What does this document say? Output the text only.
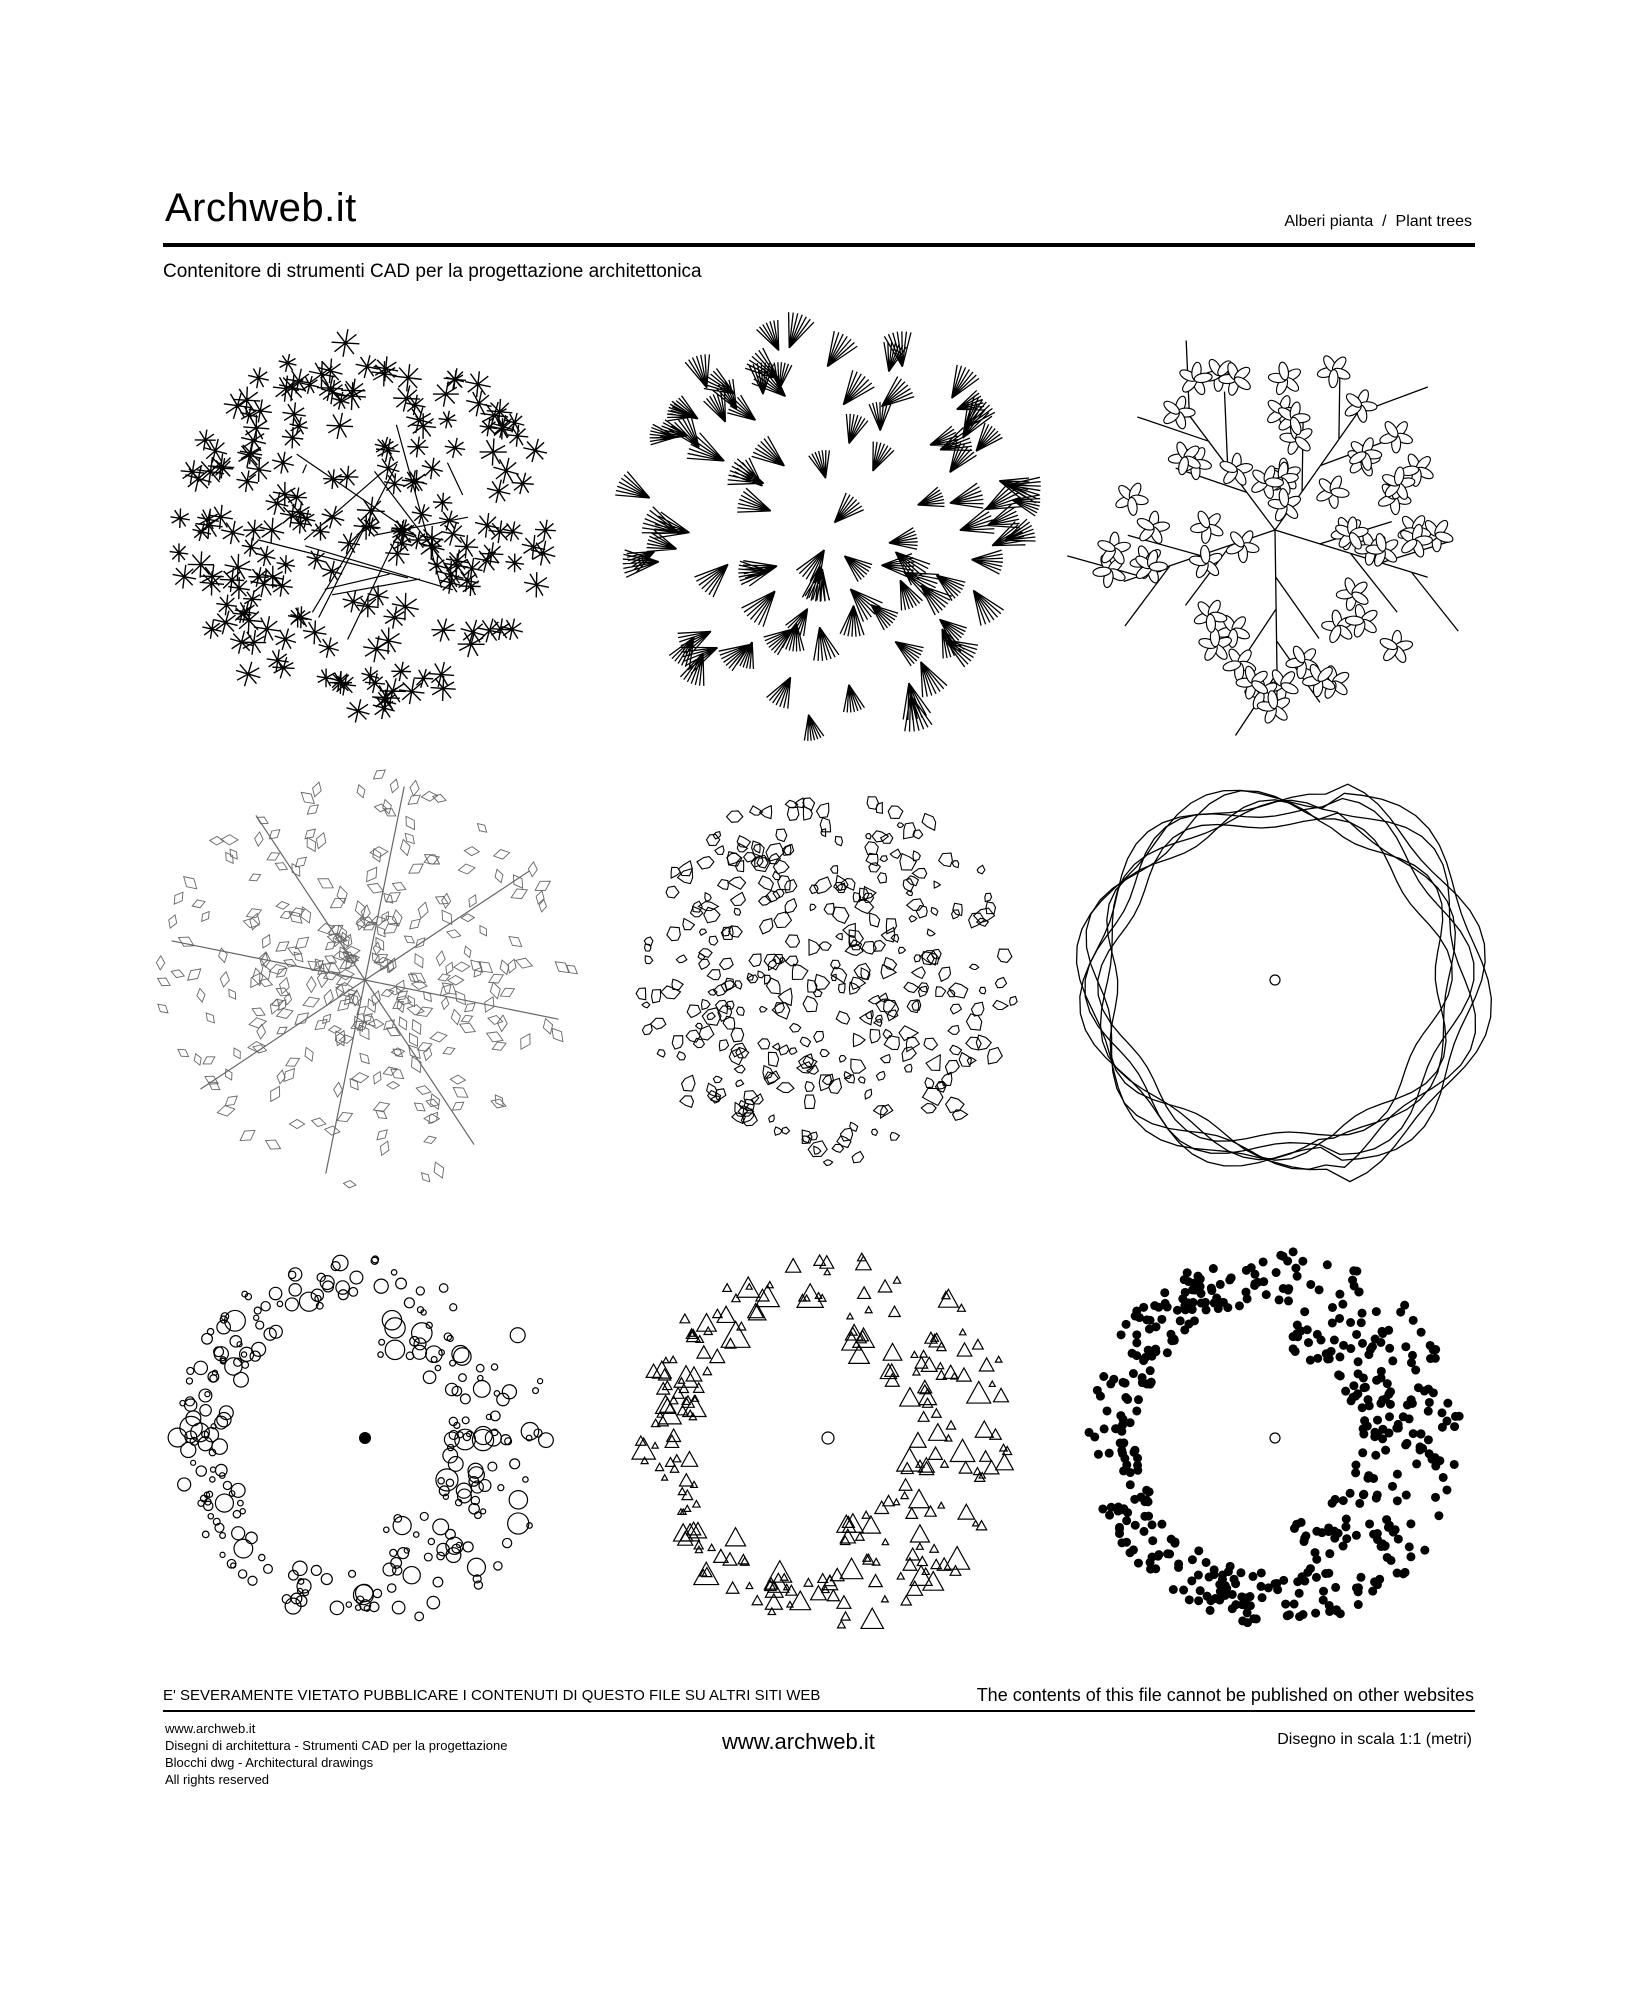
Archweb.it	Alberi pianta  /  Plant trees
Contenitore di strumenti CAD per la progettazione architettonica
E' SEVERAMENTE VIETATO PUBBLICARE I CONTENUTI DI QUESTO FILE SU ALTRI SITI WEB	The contents of this file cannot be published on other websites
www.archweb.it
Disegni di architettura - Strumenti CAD per la progettazione
Blocchi dwg - Architectural drawings
All rights reserved
www.archweb.it	Disegno in scala 1:1 (metri)
